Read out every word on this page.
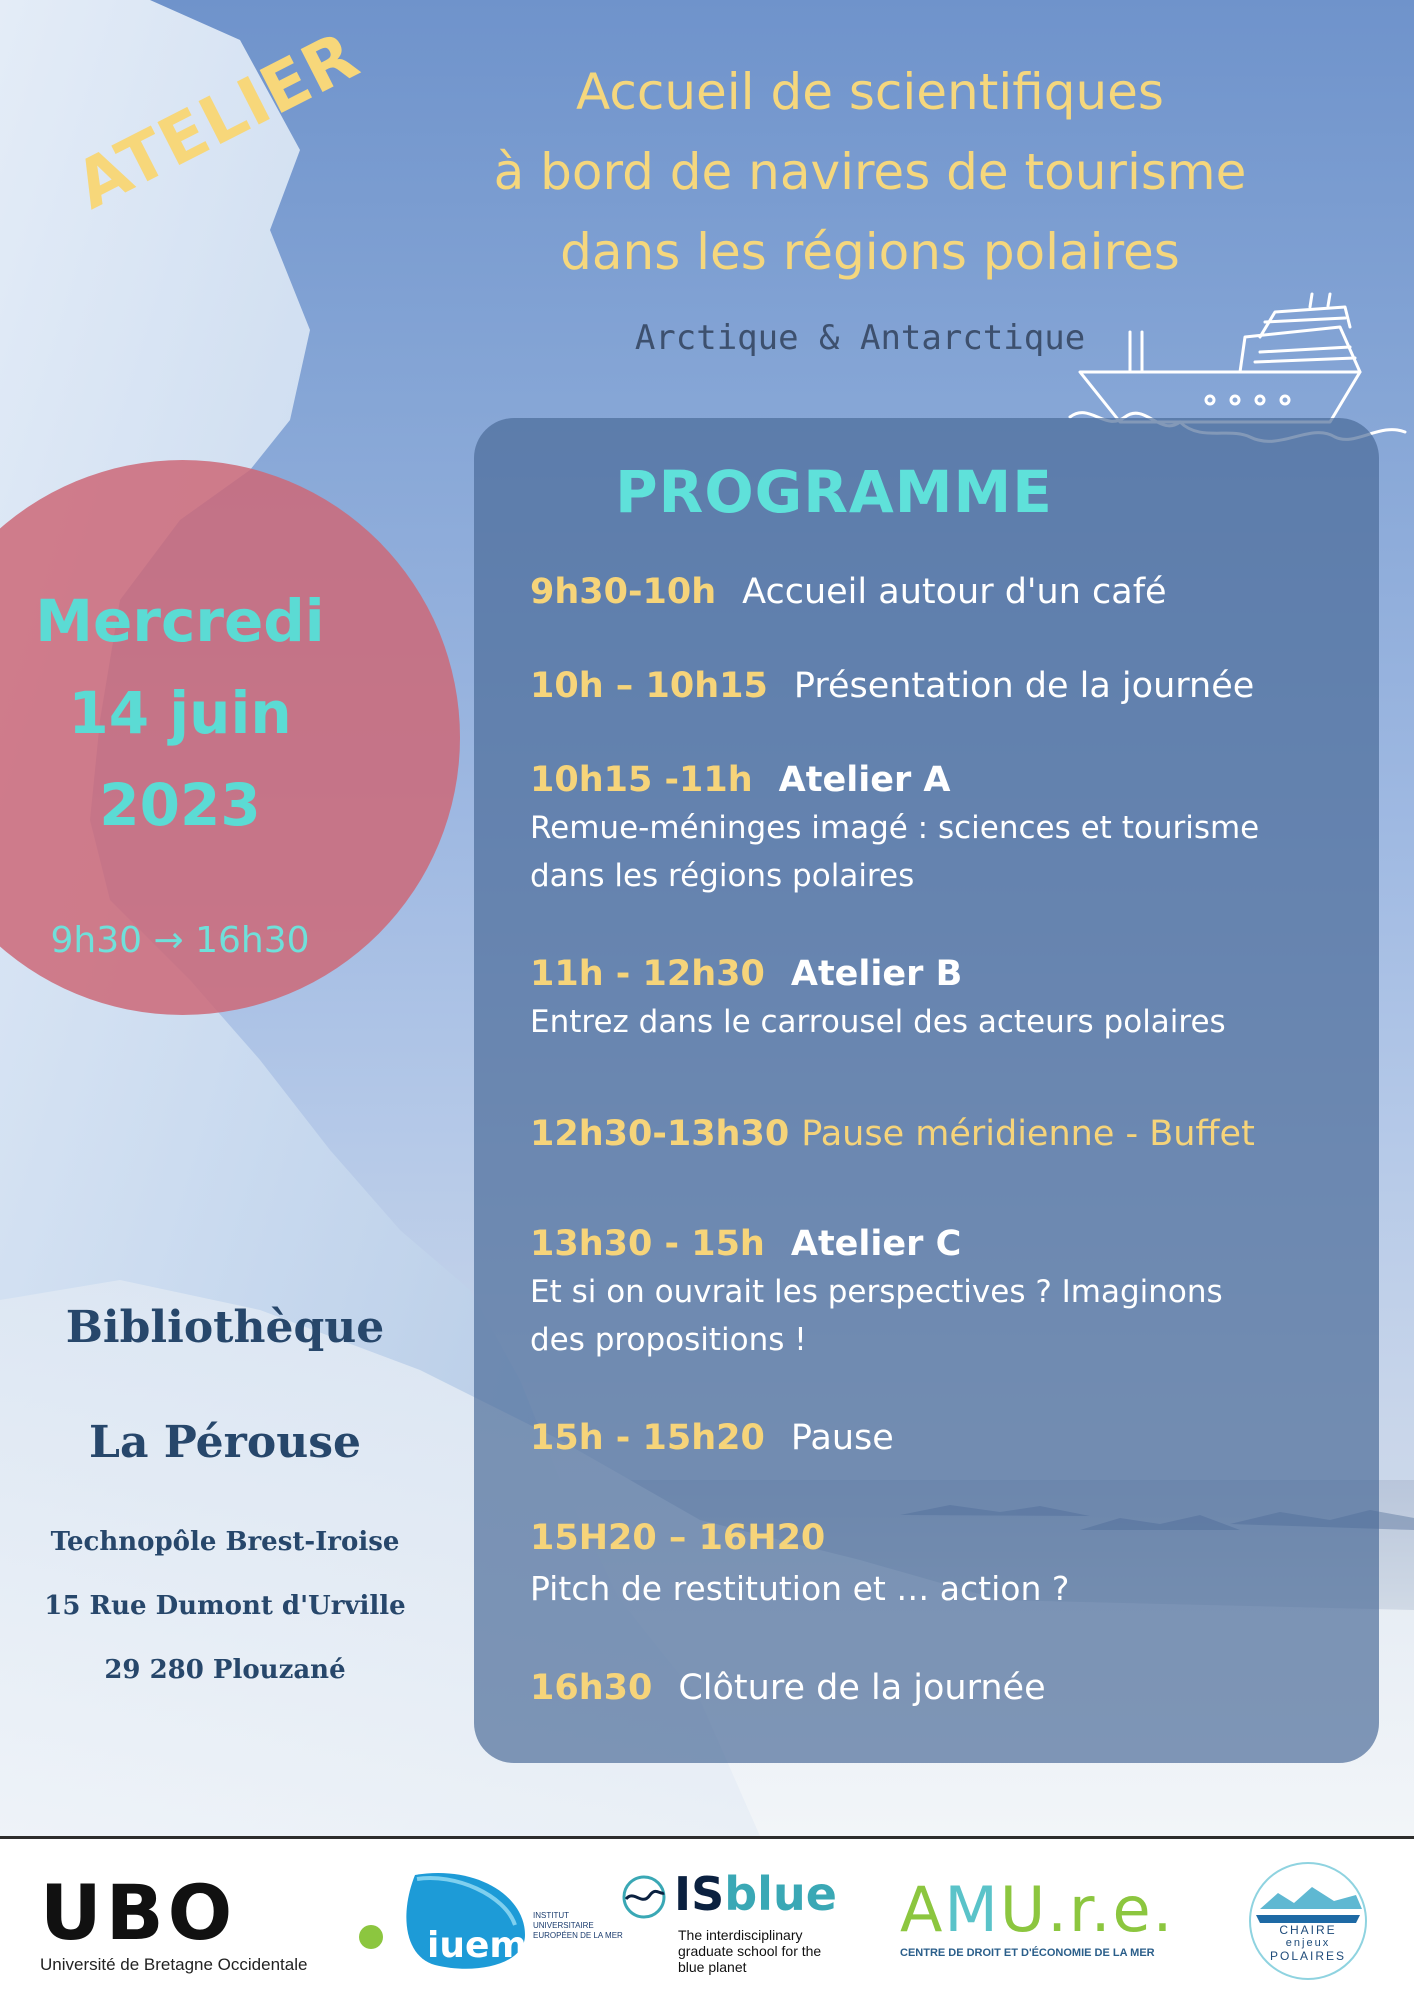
ATELIER	Accueil de scientifiques
à bord de navires de tourisme
dans les régions polaires
Arctique & Antarctique
Mercredi
14 juin
2023
9h30 → 16h30
Bibliothèque
La Pérouse
Technopôle Brest-Iroise
15 Rue Dumont d'Urville
29 280 Plouzané
PROGRAMME
9h30-10h Accueil autour d'un café
10h – 10h15 Présentation de la journée
10h15 -11h Atelier A
Remue-méninges imagé : sciences et tourisme
dans les régions polaires
11h - 12h30 Atelier B
Entrez dans le carrousel des acteurs polaires
12h30-13h30 Pause méridienne - Buffet
13h30 - 15h Atelier C
Et si on ouvrait les perspectives ? Imaginons
des propositions !
15h - 15h20 Pause
15H20 – 16H20
Pitch de restitution et … action ?
16h30 Clôture de la journée
UBO
Université de Bretagne Occidentale	iuem
INSTITUT UNIVERSITAIRE EUROPÉEN DE LA MER
ISblue
The interdisciplinary graduate school for the blue planet
AMU.r.e.
CENTRE DE DROIT ET D'ÉCONOMIE DE LA MER
CHAIRE
enjeux
POLAIRES
